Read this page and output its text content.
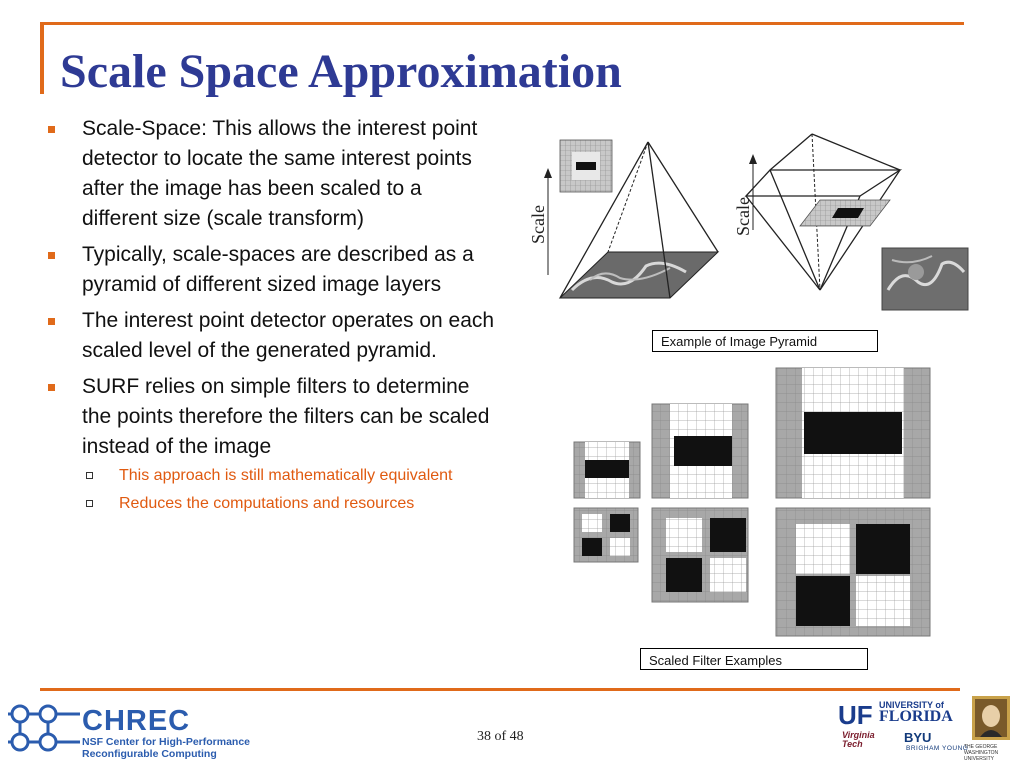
Scale Space Approximation
Scale-Space: This allows the interest point detector to locate the same interest points after the image has been scaled to a different size (scale transform)
Typically, scale-spaces are described as a pyramid of different sized image layers
The interest point detector operates on each scaled level of the generated pyramid.
SURF relies on simple filters to determine the points therefore the filters can be scaled instead of the image
This approach is still mathematically equivalent
Reduces the computations and resources
Scale	Scale
Example of Image Pyramid
Scaled Filter Examples
CHREC
NSF Center for High-Performance
Reconfigurable Computing
38 of 48
UF UNIVERSITY of
FLORIDA
Virginia
Tech	BYU
BRIGHAM YOUNG
THE GEORGE WASHINGTON UNIVERSITY
